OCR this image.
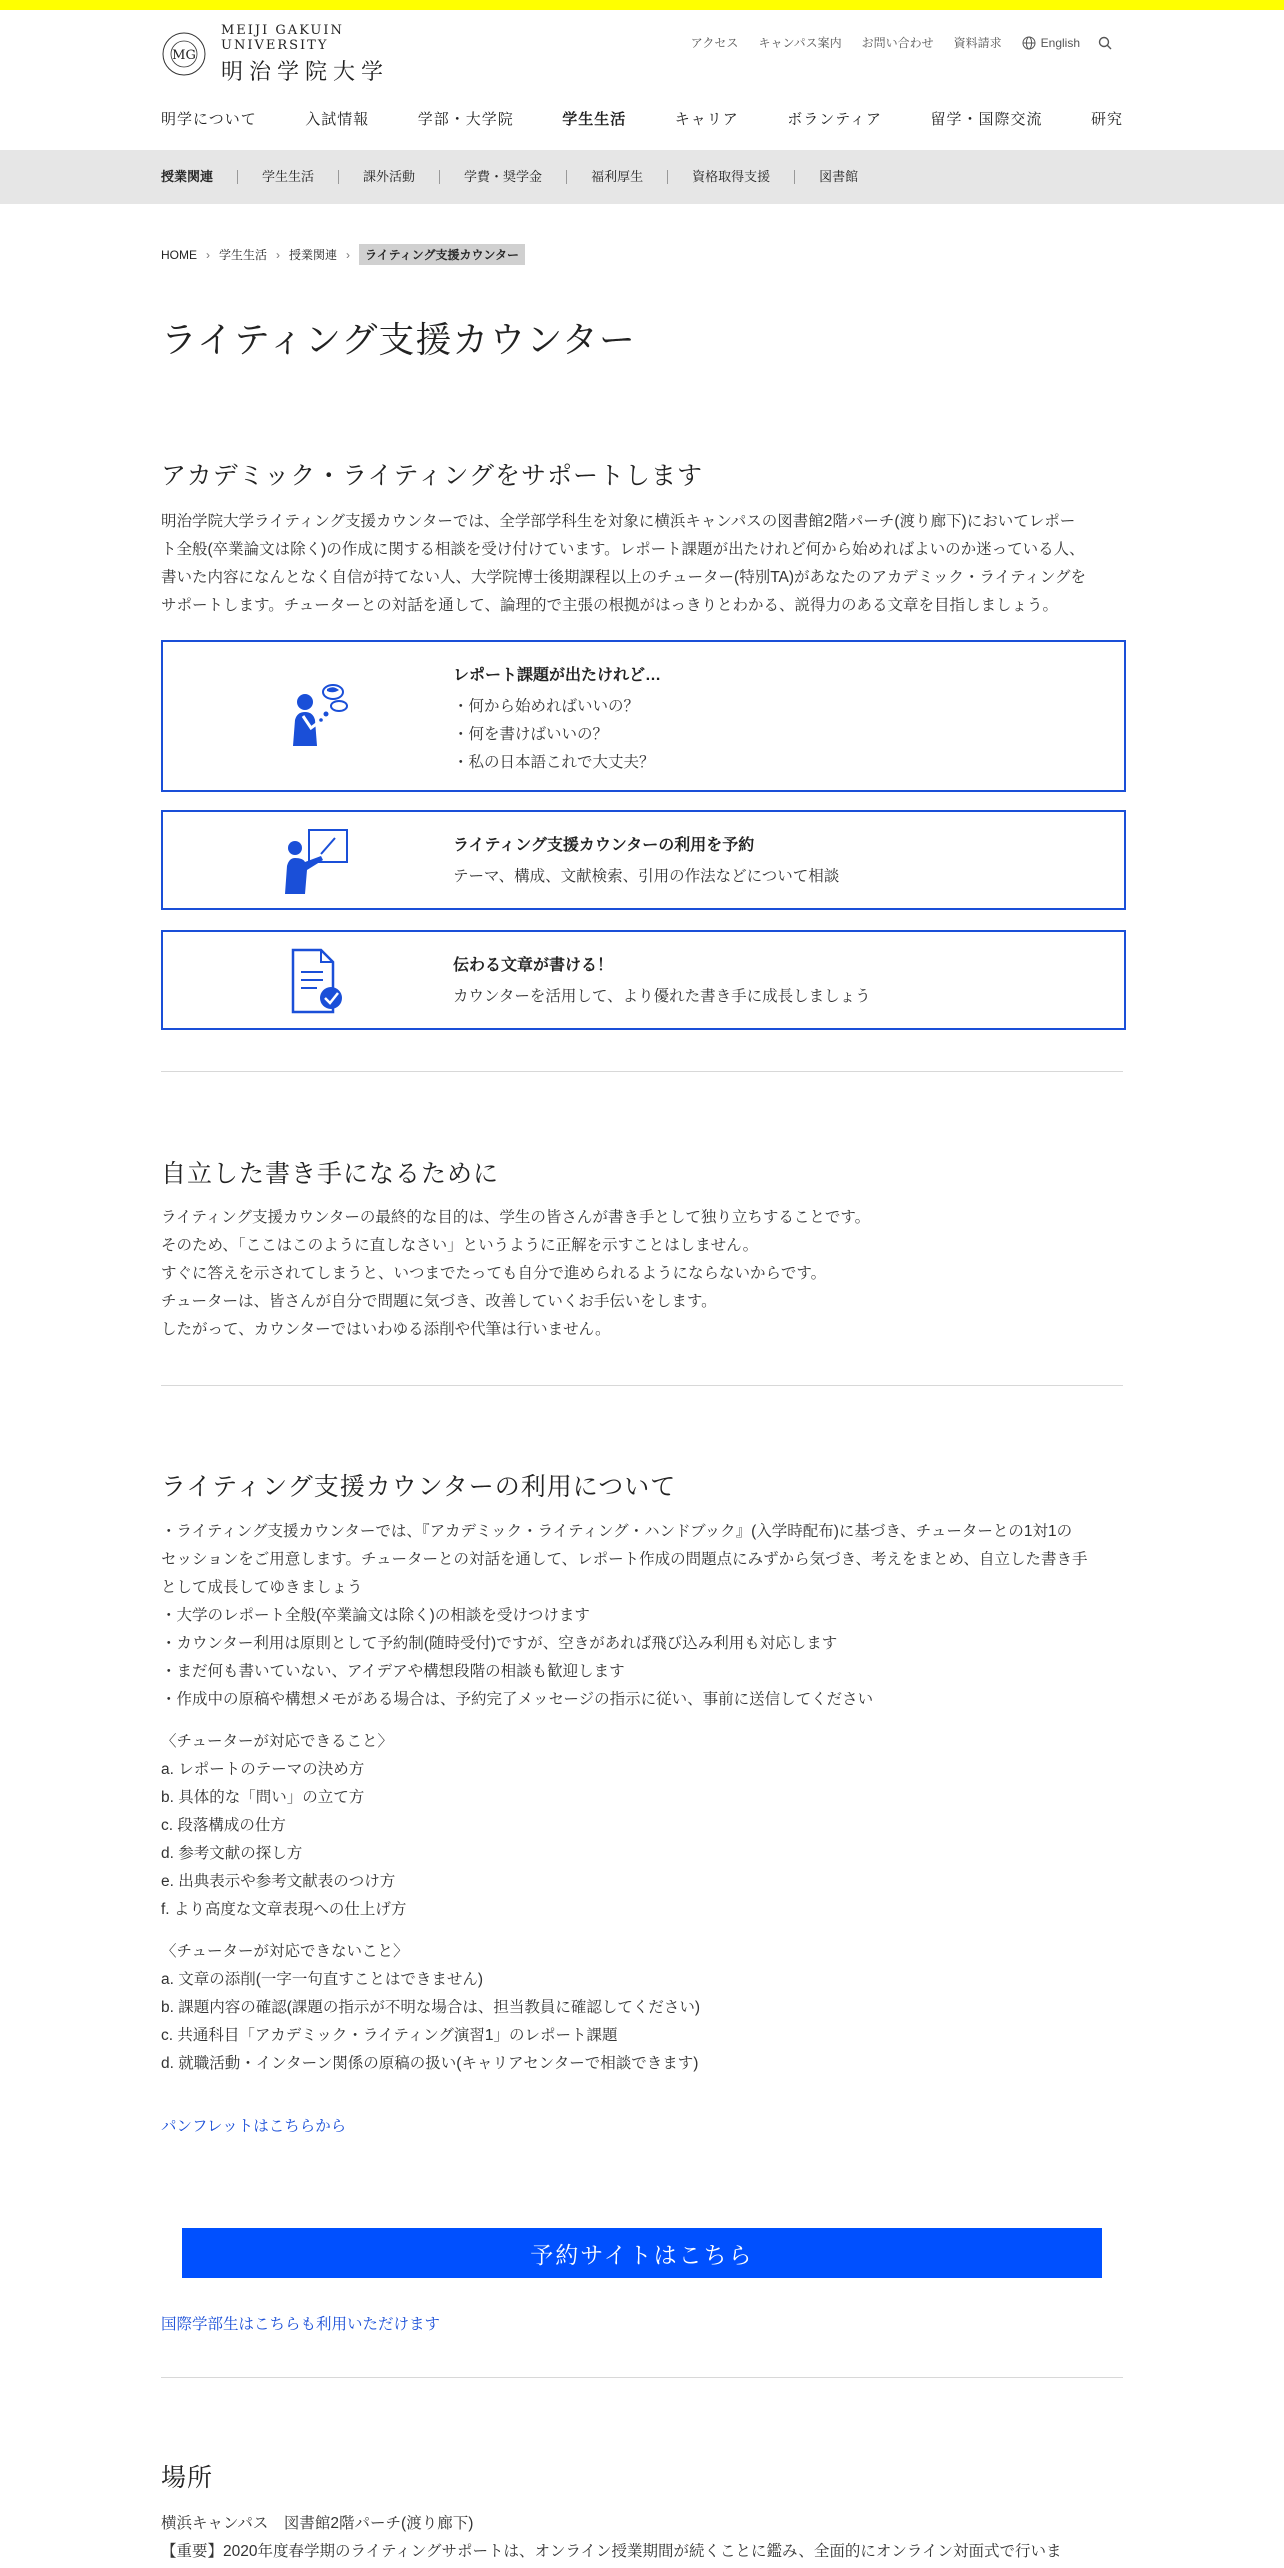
MG
MEIJI GAKUIN UNIVERSITY
明治学院大学
アクセス キャンパス案内 お問い合わせ 資料請求	English
明学について	入試情報	学部・大学院	学生生活	キャリア	ボランティア	留学・国際交流	研究
授業関連	学生生活	課外活動	学費・奨学金	福利厚生	資格取得支援	図書館
HOME › 学生生活 › 授業関連 ›	ライティング支援カウンター
ライティング支援カウンター
アカデミック・ライティングをサポートします

明治学院大学ライティング支援カウンターでは、全学部学科生を対象に横浜キャンパスの図書館2階パーチ(渡り廊下)においてレポー

ト全般(卒業論文は除く)の作成に関する相談を受け付けています。レポート課題が出たけれど何から始めればよいのか迷っている人、

書いた内容になんとなく自信が持てない人、大学院博士後期課程以上のチューター(特別TA)があなたのアカデミック・ライティングを

サポートします。チューターとの対話を通して、論理的で主張の根拠がはっきりとわかる、説得力のある文章を目指しましょう。

レポート課題が出たけれど…
・何から始めればいいの？
・何を書けばいいの？
・私の日本語これで大丈夫？
ライティング支援カウンターの利用を予約
テーマ、構成、文献検索、引用の作法などについて相談
伝わる文章が書ける！
カウンターを活用して、より優れた書き手に成長しましょう
自立した書き手になるために

ライティング支援カウンターの最終的な目的は、学生の皆さんが書き手として独り立ちすることです。

そのため、「ここはこのように直しなさい」というように正解を示すことはしません。

すぐに答えを示されてしまうと、いつまでたっても自分で進められるようにならないからです。

チューターは、皆さんが自分で問題に気づき、改善していくお手伝いをします。

したがって、カウンターではいわゆる添削や代筆は行いません。

ライティング支援カウンターの利用について

・ライティング支援カウンターでは、『アカデミック・ライティング・ハンドブック』(入学時配布)に基づき、チューターとの1対1の

セッションをご用意します。チューターとの対話を通して、レポート作成の問題点にみずから気づき、考えをまとめ、自立した書き手

として成長してゆきましょう

・大学のレポート全般(卒業論文は除く)の相談を受けつけます

・カウンター利用は原則として予約制(随時受付)ですが、空きがあれば飛び込み利用も対応します

・まだ何も書いていない、アイデアや構想段階の相談も歓迎します

・作成中の原稿や構想メモがある場合は、予約完了メッセージの指示に従い、事前に送信してください

〈チューターが対応できること〉

a. レポートのテーマの決め方

b. 具体的な「問い」の立て方

c. 段落構成の仕方

d. 参考文献の探し方

e. 出典表示や参考文献表のつけ方

f. より高度な文章表現への仕上げ方

〈チューターが対応できないこと〉

a. 文章の添削(一字一句直すことはできません)

b. 課題内容の確認(課題の指示が不明な場合は、担当教員に確認してください)

c. 共通科目「アカデミック・ライティング演習1」のレポート課題

d. 就職活動・インターン関係の原稿の扱い(キャリアセンターで相談できます)

パンフレットはこちらから
予約サイトはこちら
国際学部生はこちらも利用いただけます
場所

横浜キャンパス　図書館2階パーチ(渡り廊下)

【重要】2020年度春学期のライティングサポートは、オンライン授業期間が続くことに鑑み、全面的にオンライン対面式で行いま
